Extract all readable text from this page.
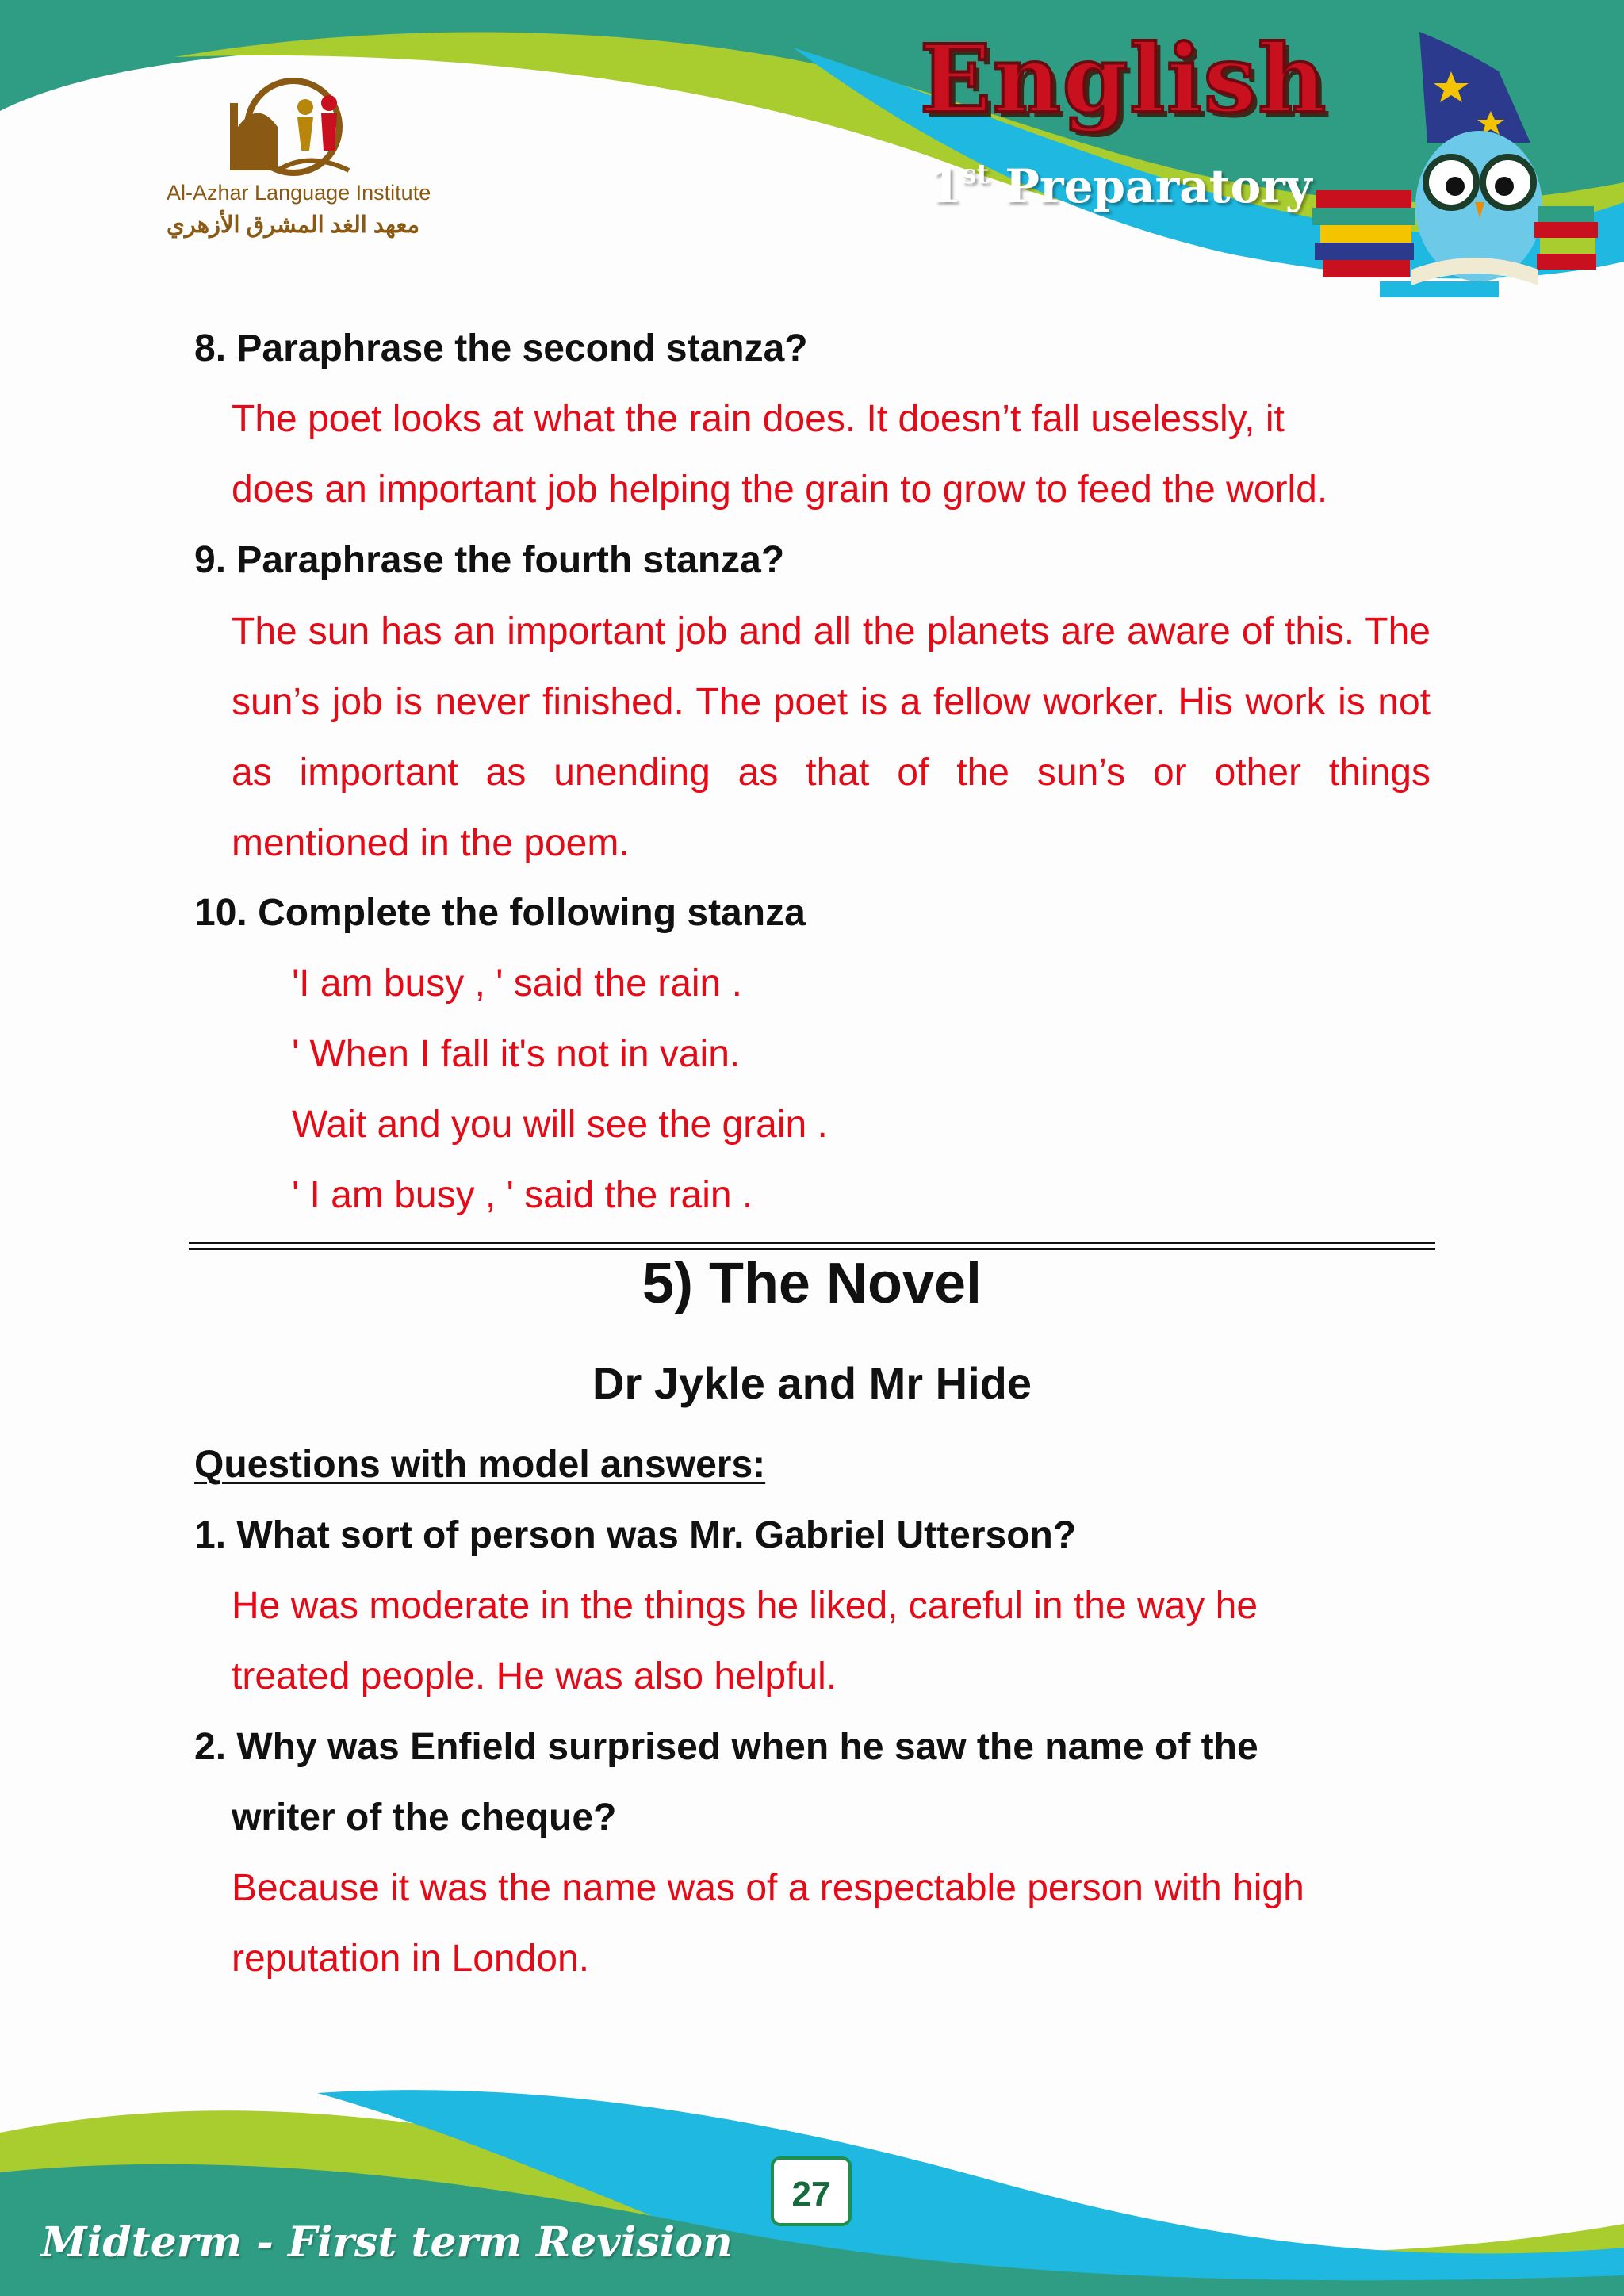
Al-Azhar Language Institute
معهد الغد المشرق الأزهري
English
1st Preparatory
8. Paraphrase the second stanza?
The poet looks at what the rain does. It doesn’t fall uselessly, it
does an important job helping the grain to grow to feed the world.
9. Paraphrase the fourth stanza?
The sun has an important job and all the planets are aware of this. The sun’s job is never finished. The poet is a fellow worker. His work is not as important as unending as that of the sun’s or other things mentioned in the poem.
10. Complete the following stanza
'I am busy , ' said the rain .
' When I fall it's not in vain.
Wait and you will see the grain .
' I am busy , ' said the rain .
5) The Novel
Dr Jykle and Mr Hide
Questions with model answers:
1. What sort of person was Mr. Gabriel Utterson?
He was moderate in the things he liked, careful in the way he
treated people. He was also helpful.
2. Why was Enfield surprised when he saw the name of the
writer of the cheque?
Because it was the name was of a respectable person with high
reputation in London.
27
Midterm - First term Revision
